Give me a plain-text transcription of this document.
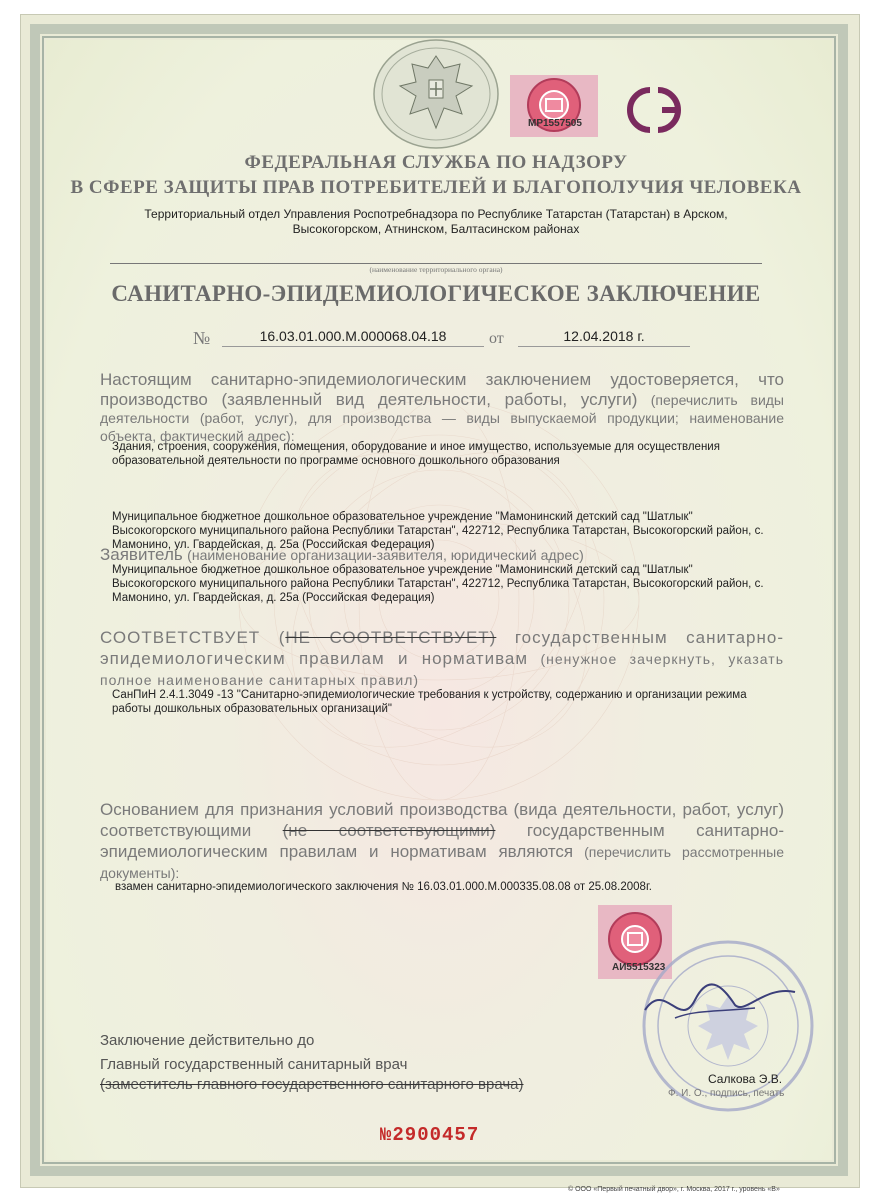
MP1557505
ФЕДЕРАЛЬНАЯ СЛУЖБА ПО НАДЗОРУ
В СФЕРЕ ЗАЩИТЫ ПРАВ ПОТРЕБИТЕЛЕЙ И БЛАГОПОЛУЧИЯ ЧЕЛОВЕКА
Территориальный отдел Управления Роспотребнадзора по Республике Татарстан (Татарстан) в Арском, Высокогорском, Атнинском, Балтасинском районах
(наименование территориального органа)
САНИТАРНО-ЭПИДЕМИОЛОГИЧЕСКОЕ ЗАКЛЮЧЕНИЕ
№	16.03.01.000.М.000068.04.18	от	12.04.2018 г.
Настоящим санитарно-эпидемиологическим заключением удостоверяется, что производство (заявленный вид деятельности, работы, услуги) (перечислить виды деятельности (работ, услуг), для производства — виды выпускаемой продукции; наименование объекта, фактический адрес):
Здания, строения, сооружения, помещения, оборудование и иное имущество, используемые для осуществления образовательной деятельности по программе основного дошкольного образования
Муниципальное бюджетное дошкольное образовательное учреждение "Мамонинский детский сад "Шатлык" Высокогорского муниципального района Республики Татарстан", 422712, Республика Татарстан, Высокогорский район, с. Мамонино, ул. Гвардейская, д. 25а (Российская Федерация)
Заявитель (наименование организации-заявителя, юридический адрес)
Муниципальное бюджетное дошкольное образовательное учреждение "Мамонинский детский сад "Шатлык" Высокогорского муниципального района Республики Татарстан", 422712, Республика Татарстан, Высокогорский район, с. Мамонино, ул. Гвардейская, д. 25а (Российская Федерация)
СООТВЕТСТВУЕТ (НЕ СООТВЕТСТВУЕТ) государственным санитарно-эпидемиологическим правилам и нормативам (ненужное зачеркнуть, указать полное наименование санитарных правил)
СанПиН 2.4.1.3049 -13 "Санитарно-эпидемиологические требования к устройству, содержанию и организации режима работы дошкольных образовательных организаций"
Основанием для признания условий производства (вида деятельности, работ, услуг) соответствующими (не соответствующими) государственным санитарно-эпидемиологическим правилам и нормативам являются (перечислить рассмотренные документы):
взамен санитарно-эпидемиологического заключения № 16.03.01.000.М.000335.08.08 от 25.08.2008г.
АИ5515323
Заключение действительно до
Главный государственный санитарный врач
(заместитель главного государственного санитарного врача)	Салкова Э.В.
Ф. И. О., подпись, печать
№2900457
© ООО «Первый печатный двор», г. Москва, 2017 г., уровень «В»
